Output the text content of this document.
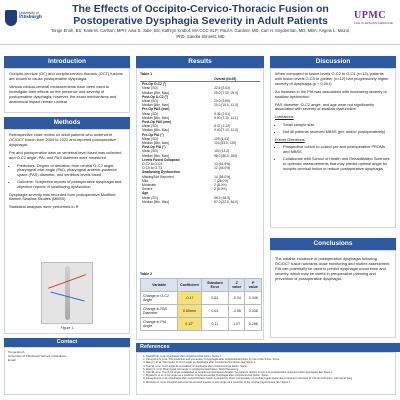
University of
Pittsburgh
The Effects of Occipito-Cervico-Thoracic Fusion on Postoperative Dysphagia Severity in Adult Patients
Tonge Enoh, BS; Katie M. Carlson, MPH; Awa S. Jobe, BS; Kathryn Krobot, MA CCC-SLP; Paul A. Gardner, MD; Carl H. Snyderman, MD, MBA; Angela L. Mazul, PhD; Sandra Stinnett, MD
UPMC
LIFE CHANGING MEDICINE
Introduction

Occipito-cervical (OC) and occipito-cervico-thoracic (OCT) fusions are known to cause postoperative dysphagia.

Various clinical-cervical measurements have been used to investigate their effects on the presence and severity of postoperative dysphagia; however, the exact mechanisms and anatomical impact remain unclear.

Methods

Retrospective chart review on adult patients who underwent OC/OCT fusion from 2000 to 2022 and reported postoperative dysphagia.

Pre and postoperative data on vertebral level fused was collected and O-C2 angle, PAI, and PAS diameter were measured

• Predictors: Degree of deviation from neutral O-C2 angle, pharyngeal inlet angle (PAI), pharyngeal anterior-posterior space (PAS) diameter, and vertebral levels fused
• Outcome: Subjective reports of postoperative dysphagia and objective reports of swallowing dysfunction

Dysphagia severity was recorded from postoperative Modified Barium Swallow Studies (MBSS).

Statistical analyses were performed in R

Figure 1
Contact
Tonge Enoh
University of Pittsburgh School of Medicine
Email
Results
Table 1
	Overall (N=29)
Pre-Op O-C2 (°)	
Mean (SD)	22.6 (5.03)
Median [Min, Max]	25.0 [7.00, 29.0]
Post-Op O-C2 (°)	
Mean (SD)	20.0 (9.69)
Median [Min, Max]	20.0 [10.0, 41.0]
Pre-Op PAS (mm)	
Mean (SD)	9.36 (2.01)
Median [Min, Max]	9.50 [7.10, 11.1]
Post-Op PAS (mm)	
Mean (SD)	8.47 (1.42)
Median [Min, Max]	9.00 [7.10, 11.0]
Pre-Op PIA (°)	
Mean (SD)	105 (6.41)
Median [Min, Max]	104 [93.0, 120]
Post-Op PIA (°)	
Mean (SD)	100 (13.2)
Median [Min, Max]	98.0 [86.0, 200]
Levels Fused Collapsed	
O-C2 to O-C4	13 (51.9%)
O-C5 to O-T3	12 (45.0%)
Swallowing Dysfunction	
Missing/Not Reported	14 (56.0%)
Mild	7 (26.0%)
Moderate	2 (8.0%)
Severe	2 (8.0%)
Age	
Mean (SD)	56.9 (16.3)
Median [Min, Max]	57.0 [22.0, 84.0]
Table 2
Variable	Coefficient	Standard Error	Z value	P value
Change in O-C2 Angle	-0.17	0.63	-0.34	0.346
Change in PAS Diameter	0.65mm	0.63	-0.96	0.338
Change in PIA Angle	0.12°	0.11	1.07	0.286
References
1. Radcliff KE, et al. Dysphagia after occipitocervical fusion. Spine J.
2. Kaneyama S, et al. The prediction and prevention of dysphagia after occipitospinal fusion by use of the S-line. Spine.
3. Meng Y, et al. The impact of O-C2 angle on dysphagia after occipitocervical fusion. Eur Spine J.
4. Tian W, et al. O-C2 angle as a predictor of dysphagia after occipitocervical fusion. Spine.
5. Wang X, et al. Pharyngeal inlet angle in occipitocervical fusion. World Neurosurg.
6. Izeki M, et al. The O-C2 angle established at occipito-cervical fusion dictates the patient's destiny in terms of postoperative dyspnea and/or dysphagia. Eur Spine J.
7. Miyata M, et al. O-C2 angle as a predictor of dyspnea and/or dysphagia after occipitocervical fusion. Spine.
8. Kaneyama S, et al. Dysphagia after occipitothoracic fusion is caused by direct compression of oropharyngeal space due to anterior protrusion of mid-cervical spine. Clin Spine Surg.
9. Morizane K, et al. Occipital and external acoustic meatus to axis angle as a predictor of the oropharyngeal space. Eur Spine J.
Discussion

When compared to fusion levels O-C2 to O-C4 (n=13), patients with fusion levels O-C5 or greater (n=12) had progressively higher severity of dysphagia (p < 0.001)

An increase in the PIA was associated with increasing severity of swallow dysfunction

PAS diameter, O-C2 angle, and age were not significantly associated with severity of swallow dysfunction

Limitations

• Small sample size
• Not all patients received MBSS (pre and/or postoperatively)

Future Directions

• Prospective cohort to collect pre and postoperative PROMs and MBSS
• Collaborate with School of Health and Rehabilitation Sciences to optimize measurements that may predict optimal angle for occipito-cervical fusion to reduce postoperative dysphagia
Conclusions

The notable incidence of postoperative dysphagia following OC/OCT fusion warrants close monitoring and routine assessment. PIA can potentially be used to predict dysphagia occurrence and severity, which may be useful in preoperative planning and prevention of postoperative dysphagia.
